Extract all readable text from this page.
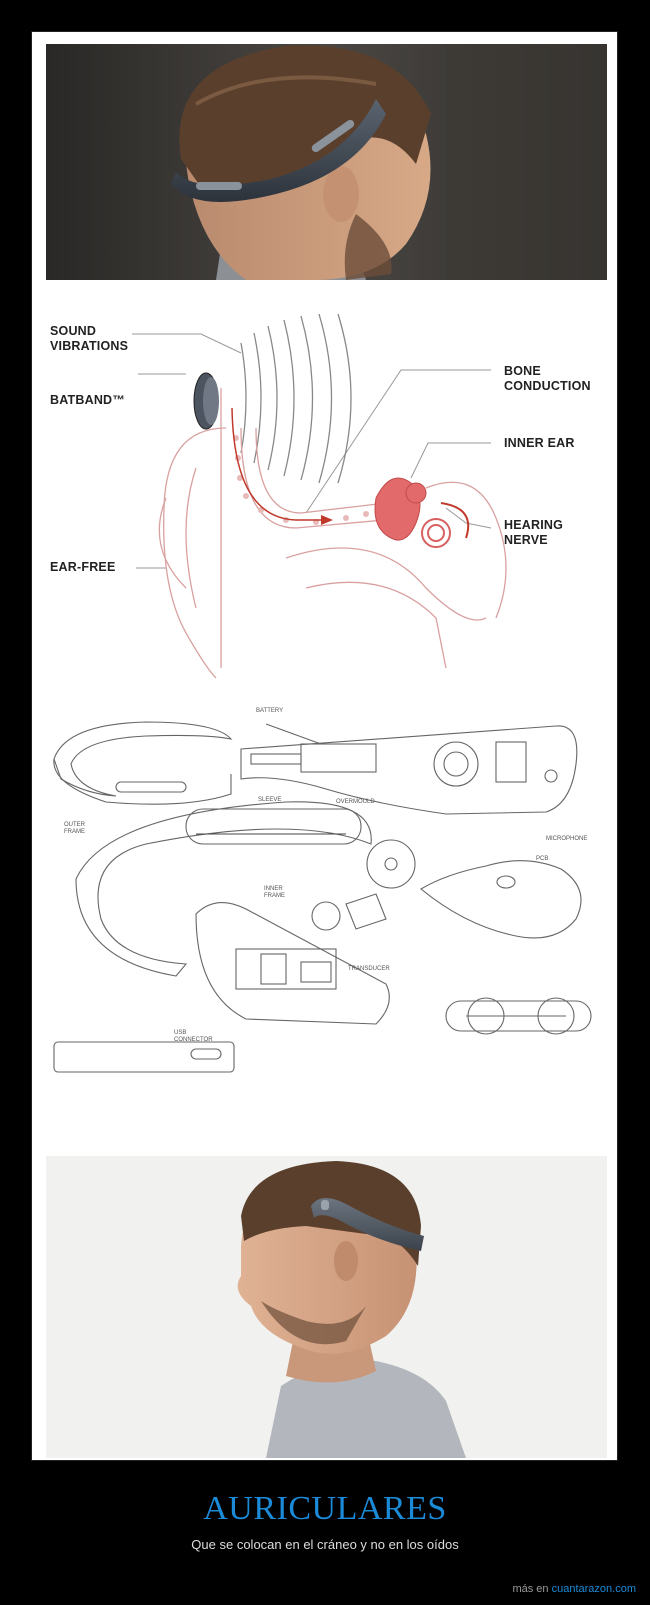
SOUND
VIBRATIONS
BATBAND™
EAR-FREE
BONE
CONDUCTION
INNER EAR
HEARING
NERVE
BATTERY
OUTER
FRAME
SLEEVE	OVERMOULD
MICROPHONE
PCB
INNER
FRAME
TRANSDUCER
USB
CONNECTOR
AURICULARES
Que se colocan en el cráneo y no en los oídos
más en cuantarazon.com
